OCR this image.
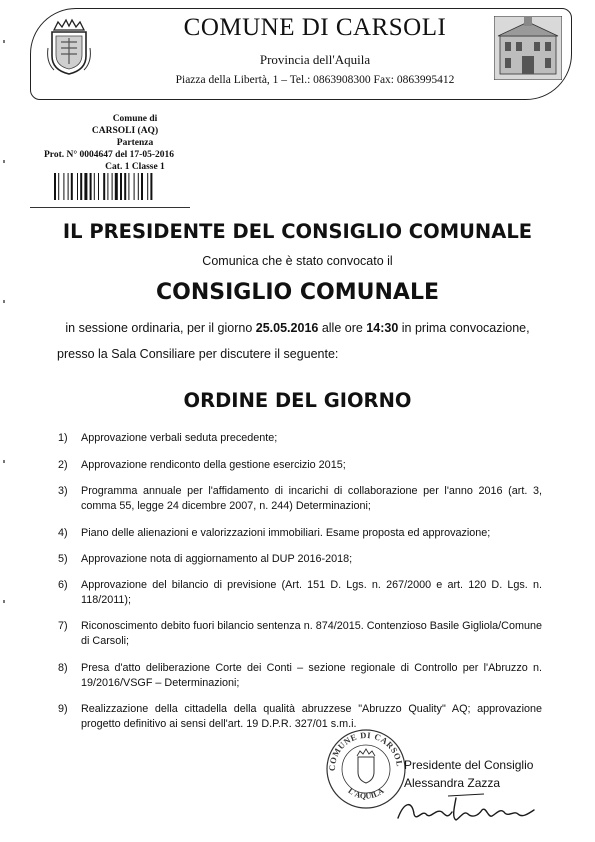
COMUNE DI CARSOLI
Provincia dell'Aquila
Piazza della Libertà, 1 – Tel.: 0863908300 Fax: 0863995412
Comune di
CARSOLI (AQ)
Partenza
Prot. N° 0004647 del 17-05-2016
Cat. 1 Classe 1
IL PRESIDENTE DEL CONSIGLIO COMUNALE
Comunica che è stato convocato il
CONSIGLIO COMUNALE
in sessione ordinaria, per il giorno 25.05.2016 alle ore 14:30 in prima convocazione,
presso la Sala Consiliare per discutere il seguente:
ORDINE DEL GIORNO
1) Approvazione verbali seduta precedente;
2) Approvazione rendiconto della gestione esercizio 2015;
3) Programma annuale per l'affidamento di incarichi di collaborazione per l'anno 2016 (art. 3, comma 55, legge 24 dicembre 2007, n. 244) Determinazioni;
4) Piano delle alienazioni e valorizzazioni immobiliari. Esame proposta ed approvazione;
5) Approvazione nota di aggiornamento al DUP 2016-2018;
6) Approvazione del bilancio di previsione (Art. 151 D. Lgs. n. 267/2000 e art. 120 D. Lgs. n. 118/2011);
7) Riconoscimento debito fuori bilancio sentenza n. 874/2015. Contenzioso Basile Gigliola/Comune di Carsoli;
8) Presa d'atto deliberazione Corte dei Conti – sezione regionale di Controllo per l'Abruzzo n. 19/2016/VSGF – Determinazioni;
9) Realizzazione della cittadella della qualità abruzzese "Abruzzo Quality" AQ; approvazione progetto definitivo ai sensi dell'art. 19 D.P.R. 327/01 s.m.i.
COMUNE DI CARSOL
L'AQUILA
Presidente del Consiglio
Alessandra Zazza
